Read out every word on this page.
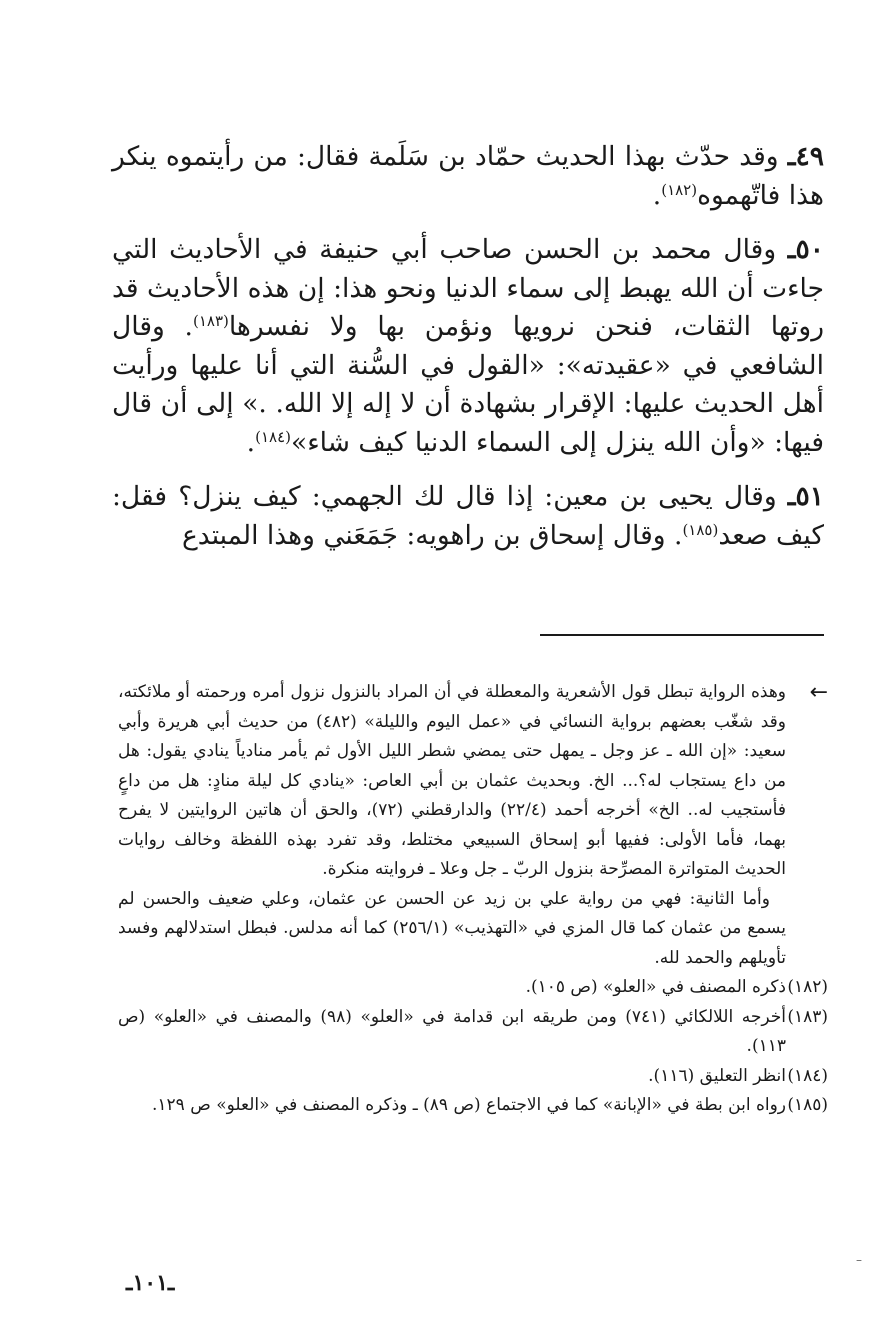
٤٩ـ وقد حدّث بهذا الحديث حمّاد بن سَلَمة فقال: من رأيتموه ينكر هذا فاتّهموه$^{(١٨٢)}$.

٥٠ـ وقال محمد بن الحسن صاحب أبي حنيفة في الأحاديث التي جاءت أن الله يهبط إلى سماء الدنيا ونحو هذا: إن هذه الأحاديث قد روتها الثقات، فنحن نرويها ونؤمن بها ولا نفسرها$^{(١٨٣)}$. وقال الشافعي في «عقيدته»: «القول في السُّنة التي أنا عليها ورأيت أهل الحديث عليها: الإقرار بشهادة أن لا إله إلا الله. .» إلى أن قال فيها: «وأن الله ينزل إلى السماء الدنيا كيف شاء»$^{(١٨٤)}$.

٥١ـ وقال يحيى بن معين: إذا قال لك الجهمي: كيف ينزل؟ فقل: كيف صعد$^{(١٨٥)}$. وقال إسحاق بن راهويه: جَمَعَني وهذا المبتدع

←

وهذه الرواية تبطل قول الأشعرية والمعطلة في أن المراد بالنزول نزول أمره ورحمته أو ملائكته، وقد شغّب بعضهم برواية النسائي في «عمل اليوم والليلة» (٤٨٢) من حديث أبي هريرة وأبي سعيد: «إن الله ـ عز وجل ـ يمهل حتى يمضي شطر الليل الأول ثم يأمر منادياً ينادي يقول: هل من داع يستجاب له؟... الخ. وبحديث عثمان بن أبي العاص: «ينادي كل ليلة منادٍ: هل من داعٍ فأستجيب له.. الخ» أخرجه أحمد (٢٢/٤) والدارقطني (٧٢)، والحق أن هاتين الروايتين لا يفرح بهما، فأما الأولى: ففيها أبو إسحاق السبيعي مختلط، وقد تفرد بهذه اللفظة وخالف روايات الحديث المتواترة المصرِّحة بنزول الربّ ـ جل وعلا ـ فروايته منكرة.

وأما الثانية: فهي من رواية علي بن زيد عن الحسن عن عثمان، وعلي ضعيف والحسن لم يسمع من عثمان كما قال المزي في «التهذيب» (٢٥٦/١) كما أنه مدلس. فبطل استدلالهم وفسد تأويلهم والحمد لله.

(١٨٢)
ذكره المصنف في «العلو» (ص ١٠٥).

(١٨٣)
أخرجه اللالكائي (٧٤١) ومن طريقه ابن قدامة في «العلو» (٩٨) والمصنف في «العلو» (ص ١١٣).

(١٨٤)
انظر التعليق (١١٦).

(١٨٥)
رواه ابن بطة في «الإبانة» كما في الاجتماع (ص ٨٩) ـ وذكره المصنف في «العلو» ص ١٢٩.

ـ١٠١ـ
–
